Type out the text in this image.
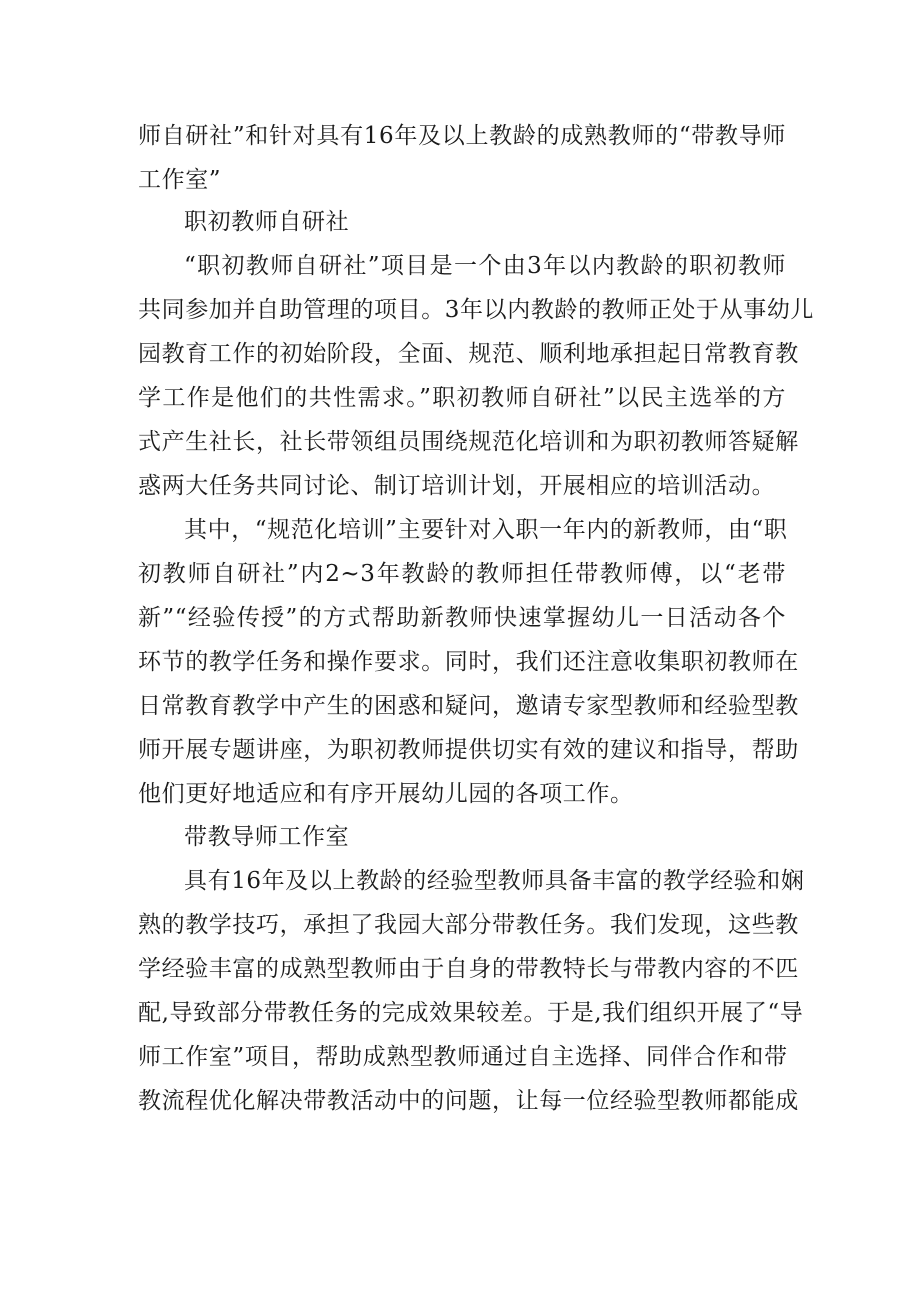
师自研社”和针对具有16年及以上教龄的成熟教师的“带教导师
工作室”
职初教师自研社
“职初教师自研社”项目是一个由3年以内教龄的职初教师
共同参加并自助管理的项目。3年以内教龄的教师正处于从事幼儿
园教育工作的初始阶段，全面、规范、顺利地承担起日常教育教
学工作是他们的共性需求。”职初教师自研社”以民主选举的方
式产生社长，社长带领组员围绕规范化培训和为职初教师答疑解
惑两大任务共同讨论、制订培训计划，开展相应的培训活动。
其中，“规范化培训”主要针对入职一年内的新教师，由“职
初教师自研社”内2~3年教龄的教师担任带教师傅，以“老带
新”“经验传授”的方式帮助新教师快速掌握幼儿一日活动各个
环节的教学任务和操作要求。同时，我们还注意收集职初教师在
日常教育教学中产生的困惑和疑问，邀请专家型教师和经验型教
师开展专题讲座，为职初教师提供切实有效的建议和指导，帮助
他们更好地适应和有序开展幼儿园的各项工作。
带教导师工作室
具有16年及以上教龄的经验型教师具备丰富的教学经验和娴
熟的教学技巧，承担了我园大部分带教任务。我们发现，这些教
学经验丰富的成熟型教师由于自身的带教特长与带教内容的不匹
配,导致部分带教任务的完成效果较差。于是,我们组织开展了“导
师工作室”项目，帮助成熟型教师通过自主选择、同伴合作和带
教流程优化解决带教活动中的问题，让每一位经验型教师都能成
